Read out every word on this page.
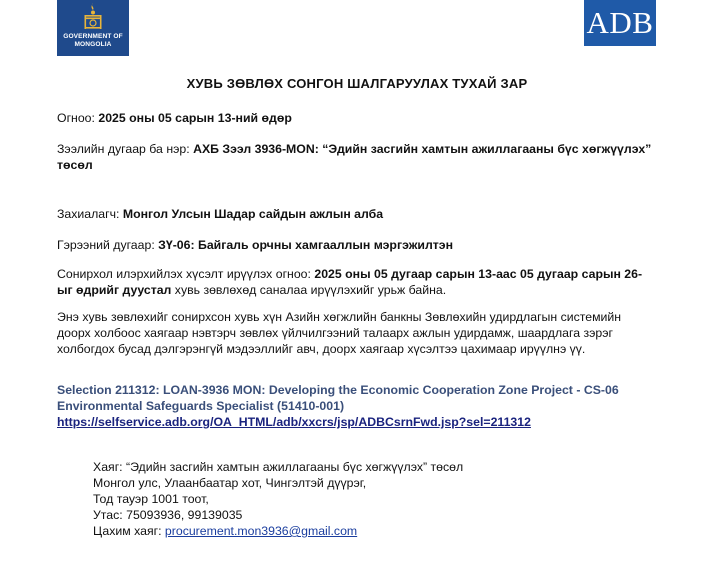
GOVERNMENT OF MONGOLIA
ADB
ХУВЬ ЗӨВЛӨХ СОНГОН ШАЛГАРУУЛАХ ТУХАЙ ЗАР
Огноо: 2025 оны 05 сарын 13-ний өдөр
Зээлийн дугаар ба нэр: АХБ Зээл 3936-MON: “Эдийн засгийн хамтын ажиллагааны бүс хөгжүүлэх” төсөл
Захиалагч: Монгол Улсын Шадар сайдын ажлын алба
Гэрээний дугаар: ЗҮ-06: Байгаль орчны хамгааллын мэргэжилтэн
Сонирхол илэрхийлэх хүсэлт ирүүлэх огноо: 2025 оны 05 дугаар сарын 13-аас 05 дугаар сарын 26-ыг өдрийг дуустал хувь зөвлөхөд саналаа ирүүлэхийг урьж байна.
Энэ хувь зөвлөхийг сонирхсон хувь хүн Азийн хөгжлийн банкны Зөвлөхийн удирдлагын системийн доорх холбоос хаягаар нэвтэрч зөвлөх үйлчилгээний талаарх ажлын удирдамж, шаардлага зэрэг холбогдох бусад дэлгэрэнгүй мэдээллийг авч, доорх хаягаар хүсэлтээ цахимаар ирүүлнэ үү.
Selection 211312: LOAN-3936 MON: Developing the Economic Cooperation Zone Project - CS-06 Environmental Safeguards Specialist (51410-001)
https://selfservice.adb.org/OA_HTML/adb/xxcrs/jsp/ADBCsrnFwd.jsp?sel=211312
Хаяг: “Эдийн засгийн хамтын ажиллагааны бүс хөгжүүлэх” төсөл
Монгол улс, Улаанбаатар хот, Чингэлтэй дүүрэг,
Тод тауэр 1001 тоот,
Утас: 75093936, 99139035
Цахим хаяг: procurement.mon3936@gmail.com
